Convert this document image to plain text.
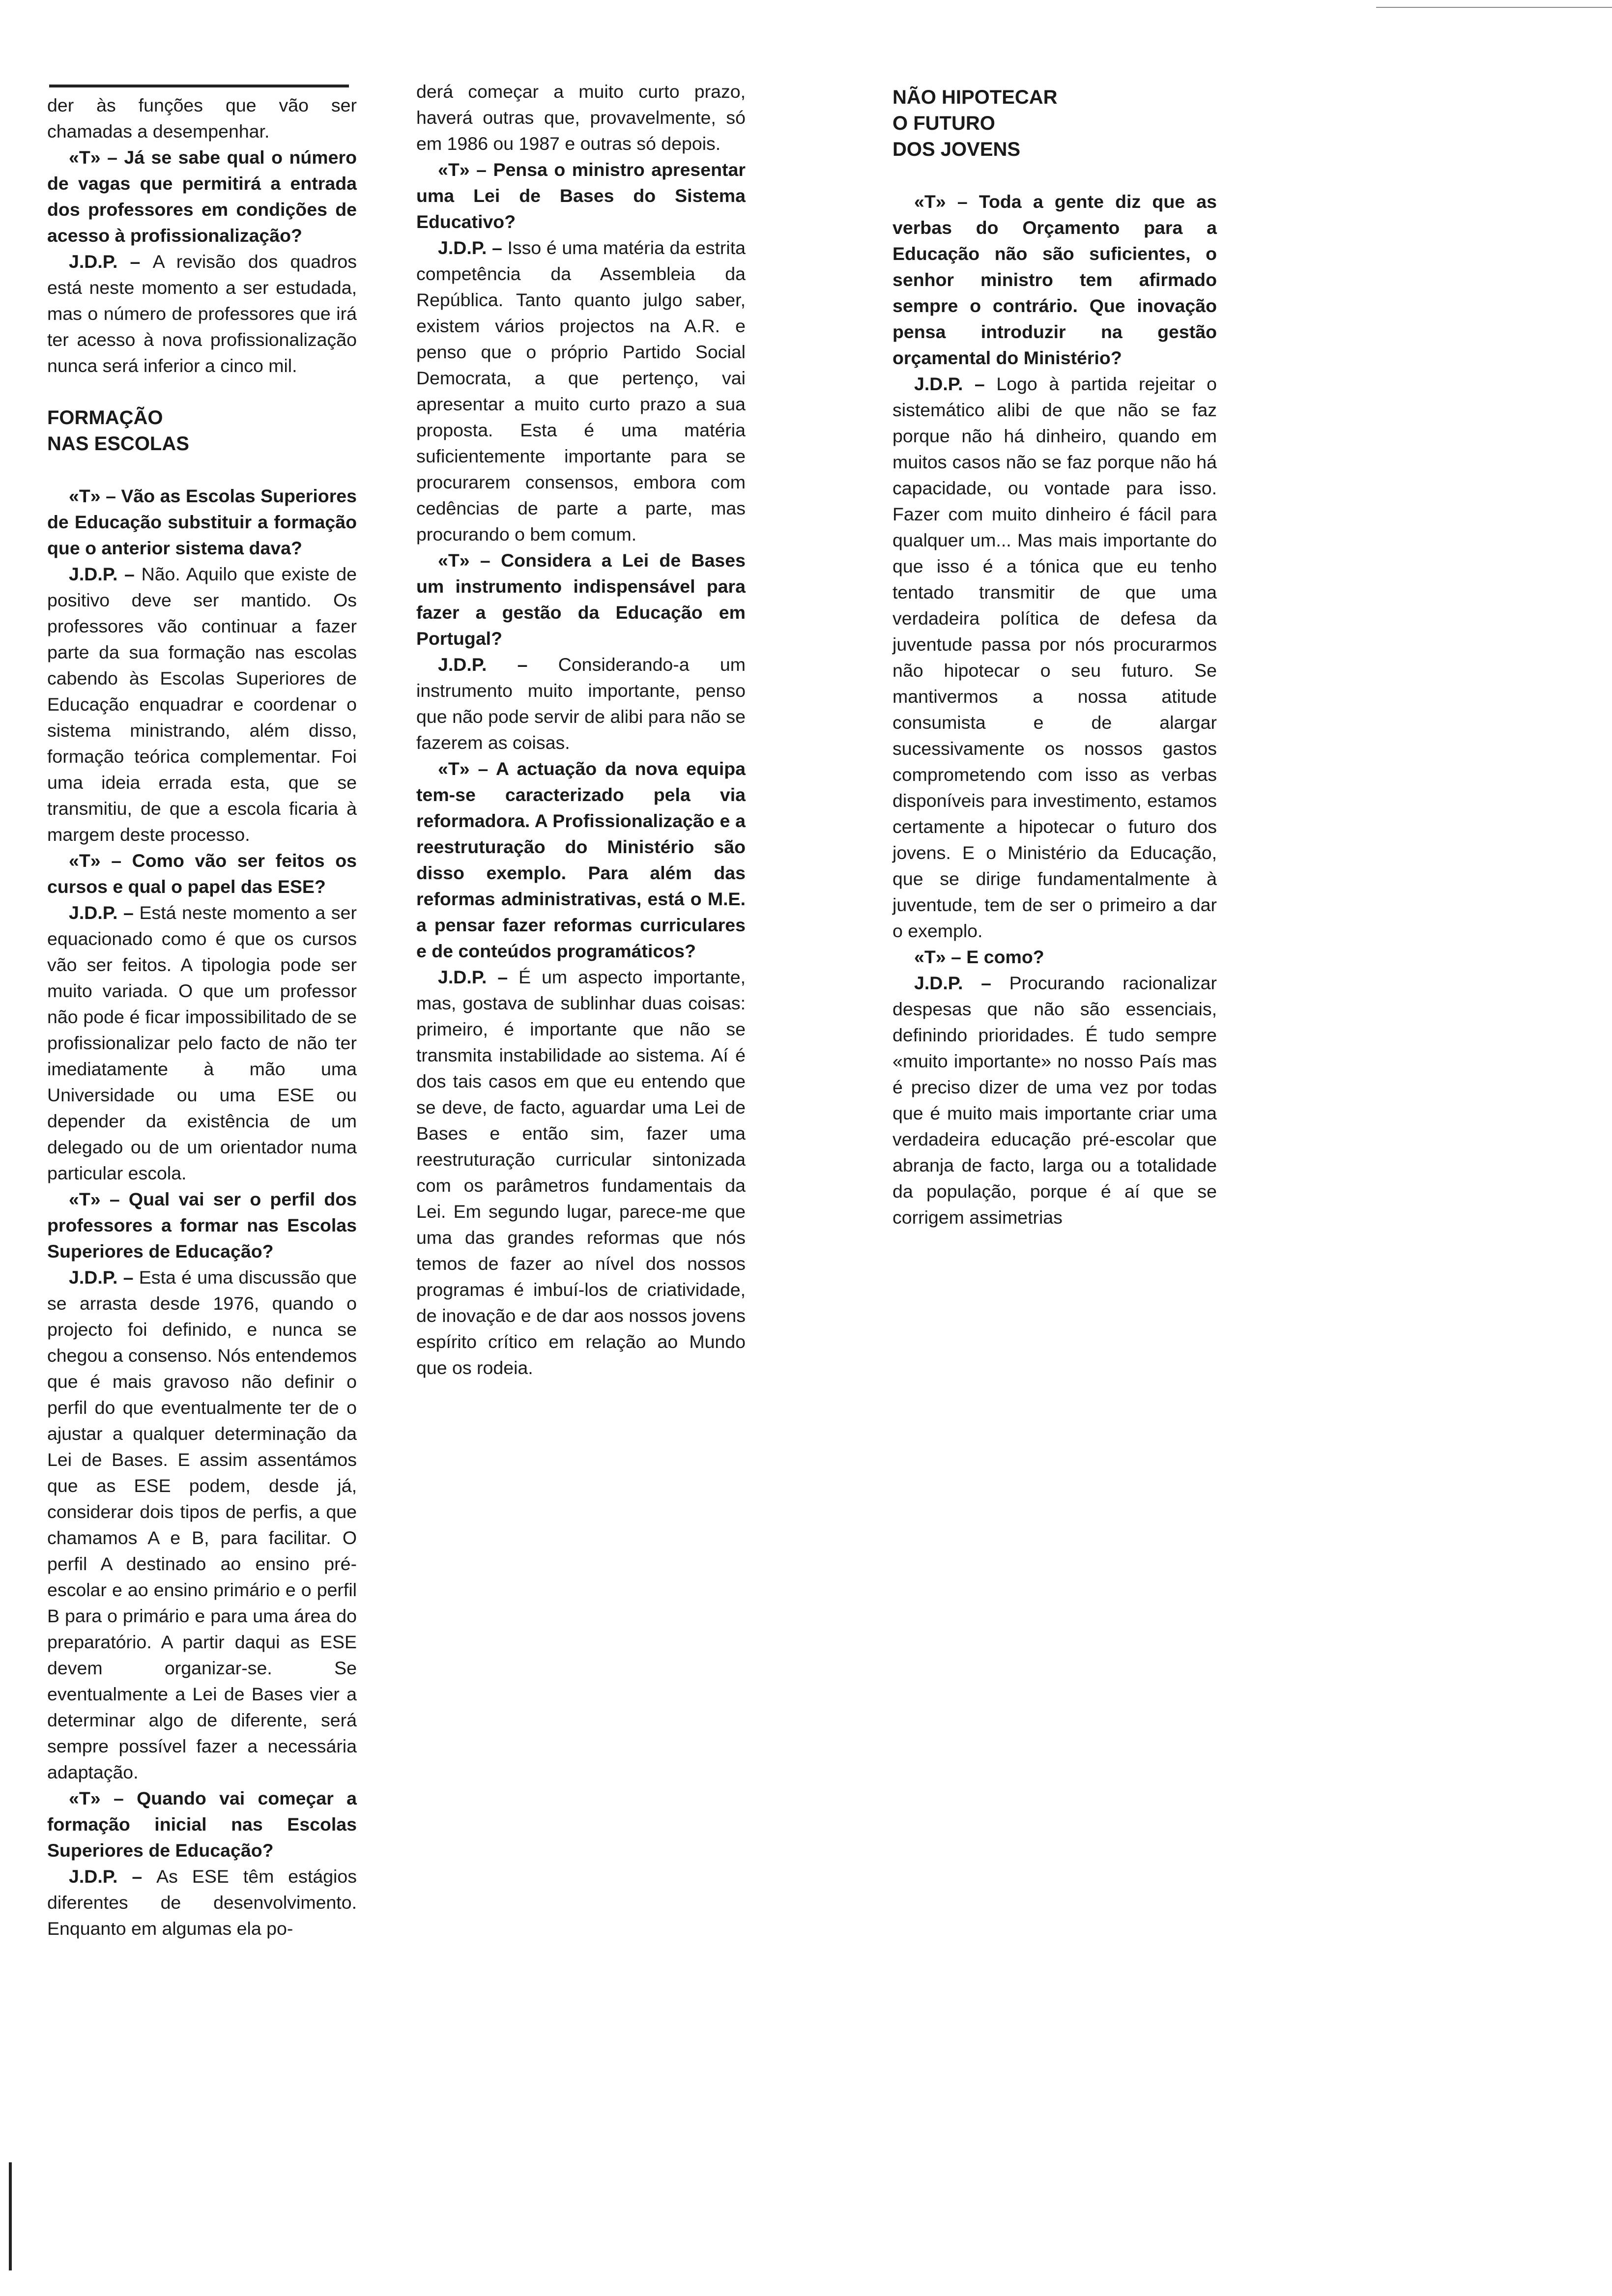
der às funções que vão ser chamadas a desempenhar.

«T» – Já se sabe qual o número de vagas que permitirá a entrada dos professores em condições de acesso à profissionalização?

J.D.P. – A revisão dos quadros está neste momento a ser estudada, mas o número de professores que irá ter acesso à nova profissionalização nunca será inferior a cinco mil.

FORMAÇÃO
NAS ESCOLAS

«T» – Vão as Escolas Superiores de Educação substituir a formação que o anterior sistema dava?

J.D.P. – Não. Aquilo que existe de positivo deve ser mantido. Os professores vão continuar a fazer parte da sua formação nas escolas cabendo às Escolas Superiores de Educação enquadrar e coordenar o sistema ministrando, além disso, formação teórica complementar. Foi uma ideia errada esta, que se transmitiu, de que a escola ficaria à margem deste processo.

«T» – Como vão ser feitos os cursos e qual o papel das ESE?

J.D.P. – Está neste momento a ser equacionado como é que os cursos vão ser feitos. A tipologia pode ser muito variada. O que um professor não pode é ficar impossibilitado de se profissionalizar pelo facto de não ter imediatamente à mão uma Universidade ou uma ESE ou depender da existência de um delegado ou de um orientador numa particular escola.

«T» – Qual vai ser o perfil dos professores a formar nas Escolas Superiores de Educação?

J.D.P. – Esta é uma discussão que se arrasta desde 1976, quando o projecto foi definido, e nunca se chegou a consenso. Nós entendemos que é mais gravoso não definir o perfil do que eventualmente ter de o ajustar a qualquer determinação da Lei de Bases. E assim assentámos que as ESE podem, desde já, considerar dois tipos de perfis, a que chamamos A e B, para facilitar. O perfil A destinado ao ensino pré-escolar e ao ensino primário e o perfil B para o primário e para uma área do preparatório. A partir daqui as ESE devem organizar-se. Se eventualmente a Lei de Bases vier a determinar algo de diferente, será sempre possível fazer a necessária adaptação.

«T» – Quando vai começar a formação inicial nas Escolas Superiores de Educação?

J.D.P. – As ESE têm estágios diferentes de desenvolvimento. Enquanto em algumas ela po-

derá começar a muito curto prazo, haverá outras que, provavelmente, só em 1986 ou 1987 e outras só depois.

«T» – Pensa o ministro apresentar uma Lei de Bases do Sistema Educativo?

J.D.P. – Isso é uma matéria da estrita competência da Assembleia da República. Tanto quanto julgo saber, existem vários projectos na A.R. e penso que o próprio Partido Social Democrata, a que pertenço, vai apresentar a muito curto prazo a sua proposta. Esta é uma matéria suficientemente importante para se procurarem consensos, embora com cedências de parte a parte, mas procurando o bem comum.

«T» – Considera a Lei de Bases um instrumento indispensável para fazer a gestão da Educação em Portugal?

J.D.P. – Considerando-a um instrumento muito importante, penso que não pode servir de alibi para não se fazerem as coisas.

«T» – A actuação da nova equipa tem-se caracterizado pela via reformadora. A Profissionalização e a reestruturação do Ministério são disso exemplo. Para além das reformas administrativas, está o M.E. a pensar fazer reformas curriculares e de conteúdos programáticos?

J.D.P. – É um aspecto importante, mas, gostava de sublinhar duas coisas: primeiro, é importante que não se transmita instabilidade ao sistema. Aí é dos tais casos em que eu entendo que se deve, de facto, aguardar uma Lei de Bases e então sim, fazer uma reestruturação curricular sintonizada com os parâmetros fundamentais da Lei. Em segundo lugar, parece-me que uma das grandes reformas que nós temos de fazer ao nível dos nossos programas é imbuí-los de criatividade, de inovação e de dar aos nossos jovens espírito crítico em relação ao Mundo que os rodeia.

NÃO HIPOTECAR
O FUTURO
DOS JOVENS

«T» – Toda a gente diz que as verbas do Orçamento para a Educação não são suficientes, o senhor ministro tem afirmado sempre o contrário. Que inovação pensa introduzir na gestão orçamental do Ministério?

J.D.P. – Logo à partida rejeitar o sistemático alibi de que não se faz porque não há dinheiro, quando em muitos casos não se faz porque não há capacidade, ou vontade para isso. Fazer com muito dinheiro é fácil para qualquer um... Mas mais importante do que isso é a tónica que eu tenho tentado transmitir de que uma verdadeira política de defesa da juventude passa por nós procurarmos não hipotecar o seu futuro. Se mantivermos a nossa atitude consumista e de alargar sucessivamente os nossos gastos comprometendo com isso as verbas disponíveis para investimento, estamos certamente a hipotecar o futuro dos jovens. E o Ministério da Educação, que se dirige fundamentalmente à juventude, tem de ser o primeiro a dar o exemplo.

«T» – E como?

J.D.P. – Procurando racionalizar despesas que não são essenciais, definindo prioridades. É tudo sempre «muito importante» no nosso País mas é preciso dizer de uma vez por todas que é muito mais importante criar uma verdadeira educação pré-escolar que abranja de facto, larga ou a totalidade da população, porque é aí que se corrigem assimetrias
